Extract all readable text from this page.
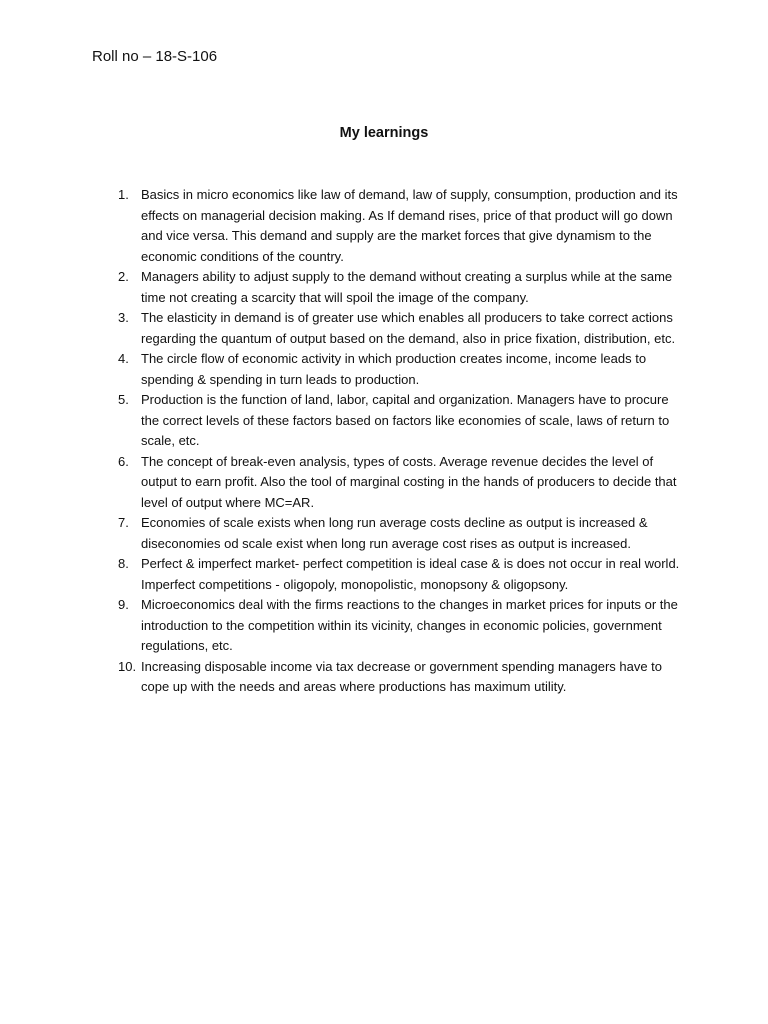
Roll no – 18-S-106
My learnings
1. Basics in micro economics like law of demand, law of supply, consumption, production and its effects on managerial decision making. As If demand rises, price of that product will go down and vice versa. This demand and supply are the market forces that give dynamism to the economic conditions of the country.
2. Managers ability to adjust supply to the demand without creating a surplus while at the same time not creating a scarcity that will spoil the image of the company.
3. The elasticity in demand is of greater use which enables all producers to take correct actions regarding the quantum of output based on the demand, also in price fixation, distribution, etc.
4. The circle flow of economic activity in which production creates income, income leads to spending & spending in turn leads to production.
5. Production is the function of land, labor, capital and organization. Managers have to procure the correct levels of these factors based on factors like economies of scale, laws of return to scale, etc.
6. The concept of break-even analysis, types of costs. Average revenue decides the level of output to earn profit. Also the tool of marginal costing in the hands of producers to decide that level of output where MC=AR.
7. Economies of scale exists when long run average costs decline as output is increased & diseconomies od scale exist when long run average cost rises as output is increased.
8. Perfect & imperfect market- perfect competition is ideal case & is does not occur in real world. Imperfect competitions - oligopoly, monopolistic, monopsony & oligopsony.
9. Microeconomics deal with the firms reactions to the changes in market prices for inputs or the introduction to the competition within its vicinity, changes in economic policies, government regulations, etc.
10. Increasing disposable income via tax decrease or government spending managers have to cope up with the needs and areas where productions has maximum utility.
